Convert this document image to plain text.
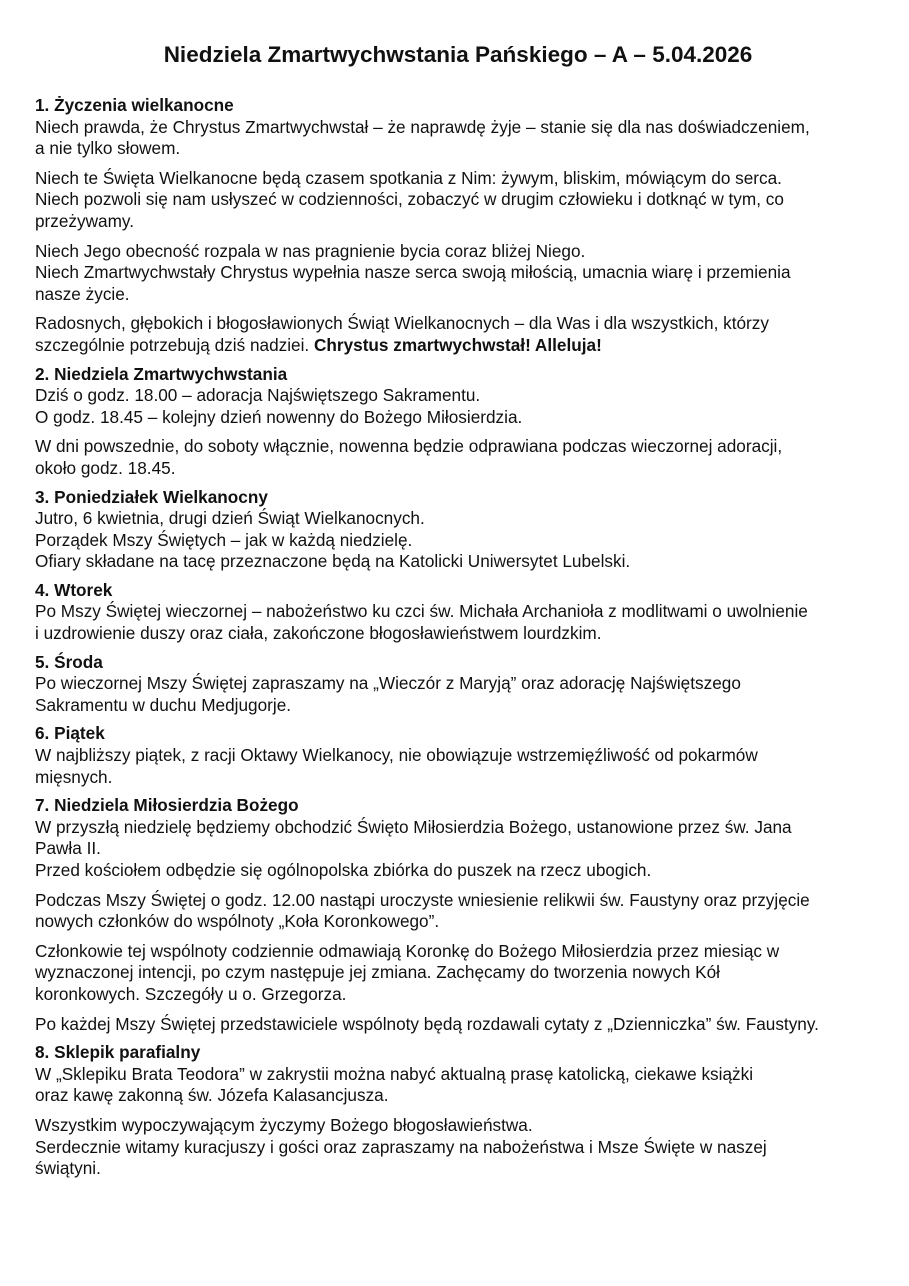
Niedziela Zmartwychwstania Pańskiego – A – 5.04.2026
1. Życzenia wielkanocne

Niech prawda, że Chrystus Zmartwychwstał – że naprawdę żyje – stanie się dla nas doświadczeniem,
a nie tylko słowem.

Niech te Święta Wielkanocne będą czasem spotkania z Nim: żywym, bliskim, mówiącym do serca.
Niech pozwoli się nam usłyszeć w codzienności, zobaczyć w drugim człowieku i dotknąć w tym, co
przeżywamy.

Niech Jego obecność rozpala w nas pragnienie bycia coraz bliżej Niego.
Niech Zmartwychwstały Chrystus wypełnia nasze serca swoją miłością, umacnia wiarę i przemienia
nasze życie.

Radosnych, głębokich i błogosławionych Świąt Wielkanocnych – dla Was i dla wszystkich, którzy
szczególnie potrzebują dziś nadziei. Chrystus zmartwychwstał! Alleluja!

2. Niedziela Zmartwychwstania

Dziś o godz. 18.00 – adoracja Najświętszego Sakramentu.
O godz. 18.45 – kolejny dzień nowenny do Bożego Miłosierdzia.

W dni powszednie, do soboty włącznie, nowenna będzie odprawiana podczas wieczornej adoracji,
około godz. 18.45.

3. Poniedziałek Wielkanocny

Jutro, 6 kwietnia, drugi dzień Świąt Wielkanocnych.
Porządek Mszy Świętych – jak w każdą niedzielę.
Ofiary składane na tacę przeznaczone będą na Katolicki Uniwersytet Lubelski.

4. Wtorek

Po Mszy Świętej wieczornej – nabożeństwo ku czci św. Michała Archanioła z modlitwami o uwolnienie
i uzdrowienie duszy oraz ciała, zakończone błogosławieństwem lourdzkim.

5. Środa

Po wieczornej Mszy Świętej zapraszamy na „Wieczór z Maryją” oraz adorację Najświętszego
Sakramentu w duchu Medjugorje.

6. Piątek

W najbliższy piątek, z racji Oktawy Wielkanocy, nie obowiązuje wstrzemięźliwość od pokarmów
mięsnych.

7. Niedziela Miłosierdzia Bożego

W przyszłą niedzielę będziemy obchodzić Święto Miłosierdzia Bożego, ustanowione przez św. Jana
Pawła II.
Przed kościołem odbędzie się ogólnopolska zbiórka do puszek na rzecz ubogich.

Podczas Mszy Świętej o godz. 12.00 nastąpi uroczyste wniesienie relikwii św. Faustyny oraz przyjęcie
nowych członków do wspólnoty „Koła Koronkowego”.

Członkowie tej wspólnoty codziennie odmawiają Koronkę do Bożego Miłosierdzia przez miesiąc w
wyznaczonej intencji, po czym następuje jej zmiana. Zachęcamy do tworzenia nowych Kół
koronkowych. Szczegóły u o. Grzegorza.

Po każdej Mszy Świętej przedstawiciele wspólnoty będą rozdawali cytaty z „Dzienniczka” św. Faustyny.

8. Sklepik parafialny

W „Sklepiku Brata Teodora” w zakrystii można nabyć aktualną prasę katolicką, ciekawe książki
oraz kawę zakonną św. Józefa Kalasancjusza.

Wszystkim wypoczywającym życzymy Bożego błogosławieństwa.
Serdecznie witamy kuracjuszy i gości oraz zapraszamy na nabożeństwa i Msze Święte w naszej
świątyni.
